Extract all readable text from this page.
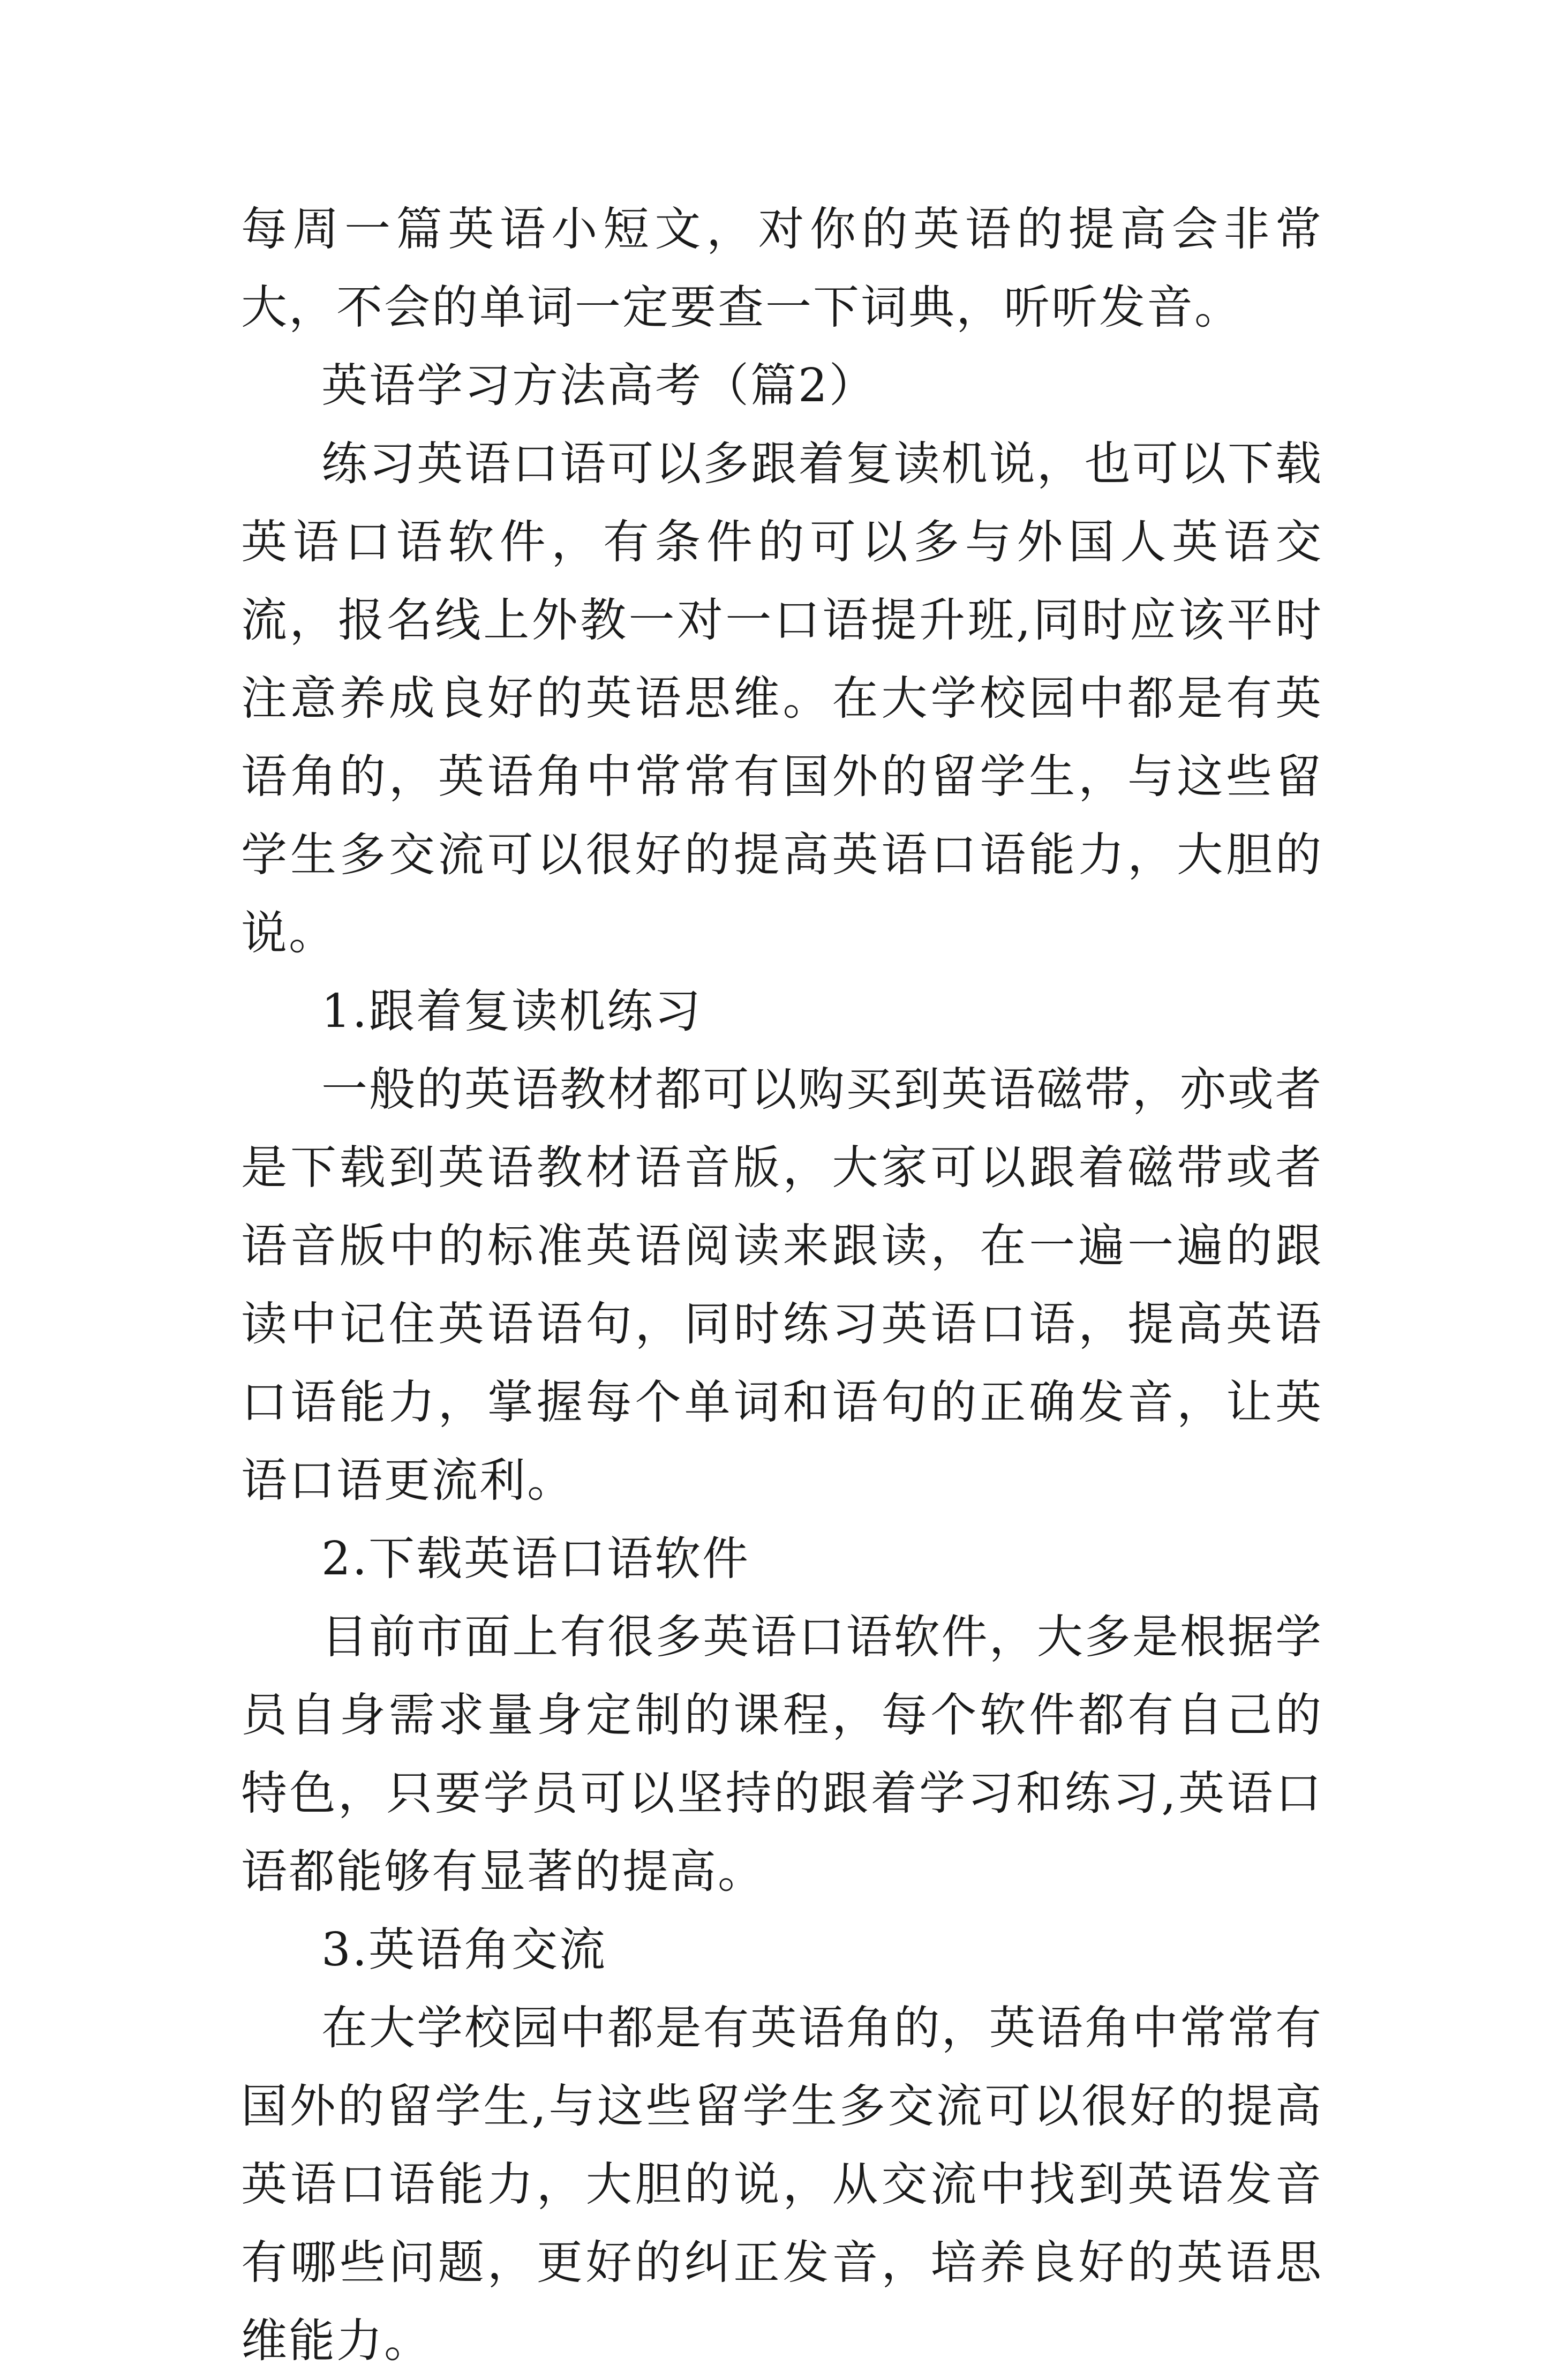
每周一篇英语小短文，对你的英语的提高会非常大，不会的单词一定要查一下词典，听听发音。

英语学习方法高考（篇2）

练习英语口语可以多跟着复读机说，也可以下载英语口语软件，有条件的可以多与外国人英语交流，报名线上外教一对一口语提升班,同时应该平时注意养成良好的英语思维。在大学校园中都是有英语角的，英语角中常常有国外的留学生，与这些留学生多交流可以很好的提高英语口语能力，大胆的说。

1.跟着复读机练习

一般的英语教材都可以购买到英语磁带，亦或者是下载到英语教材语音版，大家可以跟着磁带或者语音版中的标准英语阅读来跟读，在一遍一遍的跟读中记住英语语句，同时练习英语口语，提高英语口语能力，掌握每个单词和语句的正确发音，让英语口语更流利。

2.下载英语口语软件

目前市面上有很多英语口语软件，大多是根据学员自身需求量身定制的课程，每个软件都有自己的特色，只要学员可以坚持的跟着学习和练习,英语口语都能够有显著的提高。

3.英语角交流

在大学校园中都是有英语角的，英语角中常常有国外的留学生,与这些留学生多交流可以很好的提高英语口语能力，大胆的说，从交流中找到英语发音有哪些问题，更好的纠正发音，培养良好的英语思维能力。
